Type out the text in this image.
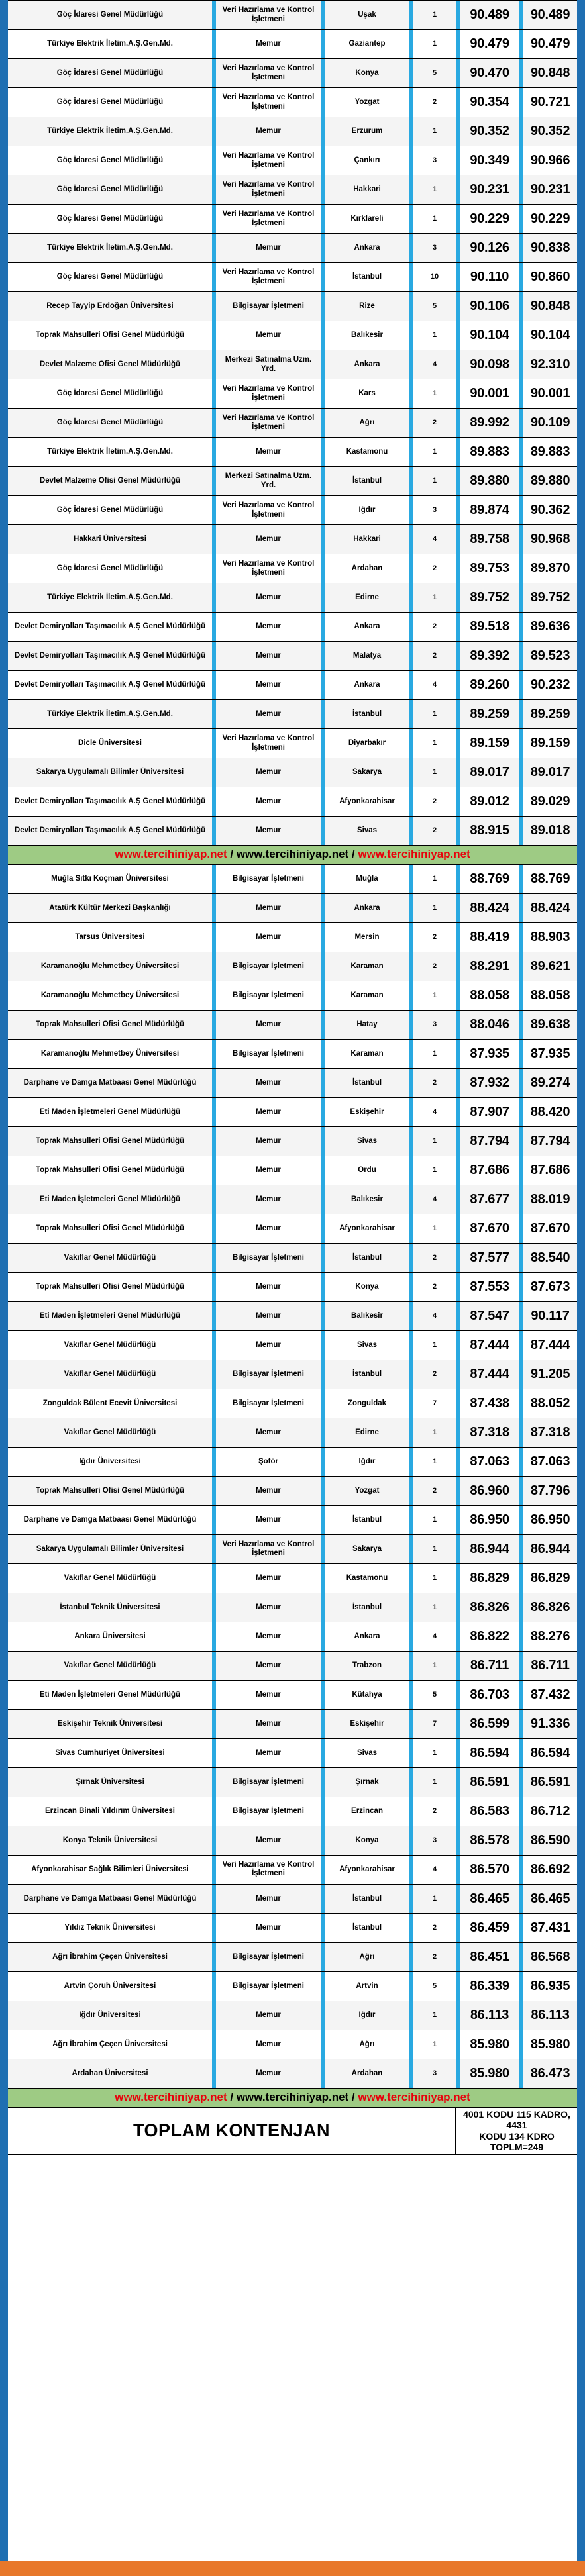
Göç İdaresi Genel Müdürlüğü		Veri Hazırlama ve Kontrol İşletmeni		Uşak		1		90.489		90.489
Türkiye Elektrik İletim.A.Ş.Gen.Md.		Memur		Gaziantep		1		90.479		90.479
Göç İdaresi Genel Müdürlüğü		Veri Hazırlama ve Kontrol İşletmeni		Konya		5		90.470		90.848
Göç İdaresi Genel Müdürlüğü		Veri Hazırlama ve Kontrol İşletmeni		Yozgat		2		90.354		90.721
Türkiye Elektrik İletim.A.Ş.Gen.Md.		Memur		Erzurum		1		90.352		90.352
Göç İdaresi Genel Müdürlüğü		Veri Hazırlama ve Kontrol İşletmeni		Çankırı		3		90.349		90.966
Göç İdaresi Genel Müdürlüğü		Veri Hazırlama ve Kontrol İşletmeni		Hakkari		1		90.231		90.231
Göç İdaresi Genel Müdürlüğü		Veri Hazırlama ve Kontrol İşletmeni		Kırklareli		1		90.229		90.229
Türkiye Elektrik İletim.A.Ş.Gen.Md.		Memur		Ankara		3		90.126		90.838
Göç İdaresi Genel Müdürlüğü		Veri Hazırlama ve Kontrol İşletmeni		İstanbul		10		90.110		90.860
Recep Tayyip Erdoğan Üniversitesi		Bilgisayar İşletmeni		Rize		5		90.106		90.848
Toprak Mahsulleri Ofisi Genel Müdürlüğü		Memur		Balıkesir		1		90.104		90.104
Devlet Malzeme Ofisi Genel Müdürlüğü		Merkezi Satınalma Uzm. Yrd.		Ankara		4		90.098		92.310
Göç İdaresi Genel Müdürlüğü		Veri Hazırlama ve Kontrol İşletmeni		Kars		1		90.001		90.001
Göç İdaresi Genel Müdürlüğü		Veri Hazırlama ve Kontrol İşletmeni		Ağrı		2		89.992		90.109
Türkiye Elektrik İletim.A.Ş.Gen.Md.		Memur		Kastamonu		1		89.883		89.883
Devlet Malzeme Ofisi Genel Müdürlüğü		Merkezi Satınalma Uzm. Yrd.		İstanbul		1		89.880		89.880
Göç İdaresi Genel Müdürlüğü		Veri Hazırlama ve Kontrol İşletmeni		Iğdır		3		89.874		90.362
Hakkari Üniversitesi		Memur		Hakkari		4		89.758		90.968
Göç İdaresi Genel Müdürlüğü		Veri Hazırlama ve Kontrol İşletmeni		Ardahan		2		89.753		89.870
Türkiye Elektrik İletim.A.Ş.Gen.Md.		Memur		Edirne		1		89.752		89.752
Devlet Demiryolları Taşımacılık A.Ş Genel Müdürlüğü		Memur		Ankara		2		89.518		89.636
Devlet Demiryolları Taşımacılık A.Ş Genel Müdürlüğü		Memur		Malatya		2		89.392		89.523
Devlet Demiryolları Taşımacılık A.Ş Genel Müdürlüğü		Memur		Ankara		4		89.260		90.232
Türkiye Elektrik İletim.A.Ş.Gen.Md.		Memur		İstanbul		1		89.259		89.259
Dicle Üniversitesi		Veri Hazırlama ve Kontrol İşletmeni		Diyarbakır		1		89.159		89.159
Sakarya Uygulamalı Bilimler Üniversitesi		Memur		Sakarya		1		89.017		89.017
Devlet Demiryolları Taşımacılık A.Ş Genel Müdürlüğü		Memur		Afyonkarahisar		2		89.012		89.029
Devlet Demiryolları Taşımacılık A.Ş Genel Müdürlüğü		Memur		Sivas		2		88.915		89.018
www.tercihiniyap.net / www.tercihiniyap.net / www.tercihiniyap.net										
Muğla Sıtkı Koçman Üniversitesi		Bilgisayar İşletmeni		Muğla		1		88.769		88.769
Atatürk Kültür Merkezi Başkanlığı		Memur		Ankara		1		88.424		88.424
Tarsus Üniversitesi		Memur		Mersin		2		88.419		88.903
Karamanoğlu Mehmetbey Üniversitesi		Bilgisayar İşletmeni		Karaman		2		88.291		89.621
Karamanoğlu Mehmetbey Üniversitesi		Bilgisayar İşletmeni		Karaman		1		88.058		88.058
Toprak Mahsulleri Ofisi Genel Müdürlüğü		Memur		Hatay		3		88.046		89.638
Karamanoğlu Mehmetbey Üniversitesi		Bilgisayar İşletmeni		Karaman		1		87.935		87.935
Darphane ve Damga Matbaası Genel Müdürlüğü		Memur		İstanbul		2		87.932		89.274
Eti Maden İşletmeleri Genel Müdürlüğü		Memur		Eskişehir		4		87.907		88.420
Toprak Mahsulleri Ofisi Genel Müdürlüğü		Memur		Sivas		1		87.794		87.794
Toprak Mahsulleri Ofisi Genel Müdürlüğü		Memur		Ordu		1		87.686		87.686
Eti Maden İşletmeleri Genel Müdürlüğü		Memur		Balıkesir		4		87.677		88.019
Toprak Mahsulleri Ofisi Genel Müdürlüğü		Memur		Afyonkarahisar		1		87.670		87.670
Vakıflar Genel Müdürlüğü		Bilgisayar İşletmeni		İstanbul		2		87.577		88.540
Toprak Mahsulleri Ofisi Genel Müdürlüğü		Memur		Konya		2		87.553		87.673
Eti Maden İşletmeleri Genel Müdürlüğü		Memur		Balıkesir		4		87.547		90.117
Vakıflar Genel Müdürlüğü		Memur		Sivas		1		87.444		87.444
Vakıflar Genel Müdürlüğü		Bilgisayar İşletmeni		İstanbul		2		87.444		91.205
Zonguldak Bülent Ecevit Üniversitesi		Bilgisayar İşletmeni		Zonguldak		7		87.438		88.052
Vakıflar Genel Müdürlüğü		Memur		Edirne		1		87.318		87.318
Iğdır Üniversitesi		Şoför		Iğdır		1		87.063		87.063
Toprak Mahsulleri Ofisi Genel Müdürlüğü		Memur		Yozgat		2		86.960		87.796
Darphane ve Damga Matbaası Genel Müdürlüğü		Memur		İstanbul		1		86.950		86.950
Sakarya Uygulamalı Bilimler Üniversitesi		Veri Hazırlama ve Kontrol İşletmeni		Sakarya		1		86.944		86.944
Vakıflar Genel Müdürlüğü		Memur		Kastamonu		1		86.829		86.829
İstanbul Teknik Üniversitesi		Memur		İstanbul		1		86.826		86.826
Ankara Üniversitesi		Memur		Ankara		4		86.822		88.276
Vakıflar Genel Müdürlüğü		Memur		Trabzon		1		86.711		86.711
Eti Maden İşletmeleri Genel Müdürlüğü		Memur		Kütahya		5		86.703		87.432
Eskişehir Teknik Üniversitesi		Memur		Eskişehir		7		86.599		91.336
Sivas Cumhuriyet Üniversitesi		Memur		Sivas		1		86.594		86.594
Şırnak Üniversitesi		Bilgisayar İşletmeni		Şırnak		1		86.591		86.591
Erzincan Binali Yıldırım Üniversitesi		Bilgisayar İşletmeni		Erzincan		2		86.583		86.712
Konya Teknik Üniversitesi		Memur		Konya		3		86.578		86.590
Afyonkarahisar Sağlık Bilimleri Üniversitesi		Veri Hazırlama ve Kontrol İşletmeni		Afyonkarahisar		4		86.570		86.692
Darphane ve Damga Matbaası Genel Müdürlüğü		Memur		İstanbul		1		86.465		86.465
Yıldız Teknik Üniversitesi		Memur		İstanbul		2		86.459		87.431
Ağrı İbrahim Çeçen Üniversitesi		Bilgisayar İşletmeni		Ağrı		2		86.451		86.568
Artvin Çoruh Üniversitesi		Bilgisayar İşletmeni		Artvin		5		86.339		86.935
Iğdır Üniversitesi		Memur		Iğdır		1		86.113		86.113
Ağrı İbrahim Çeçen Üniversitesi		Memur		Ağrı		1		85.980		85.980
Ardahan Üniversitesi		Memur		Ardahan		3		85.980		86.473
www.tercihiniyap.net / www.tercihiniyap.net / www.tercihiniyap.net										
TOPLAM KONTENJAN							4001 KODU 115 KADRO, 4431
KODU 134 KDRO TOPLM=249			
